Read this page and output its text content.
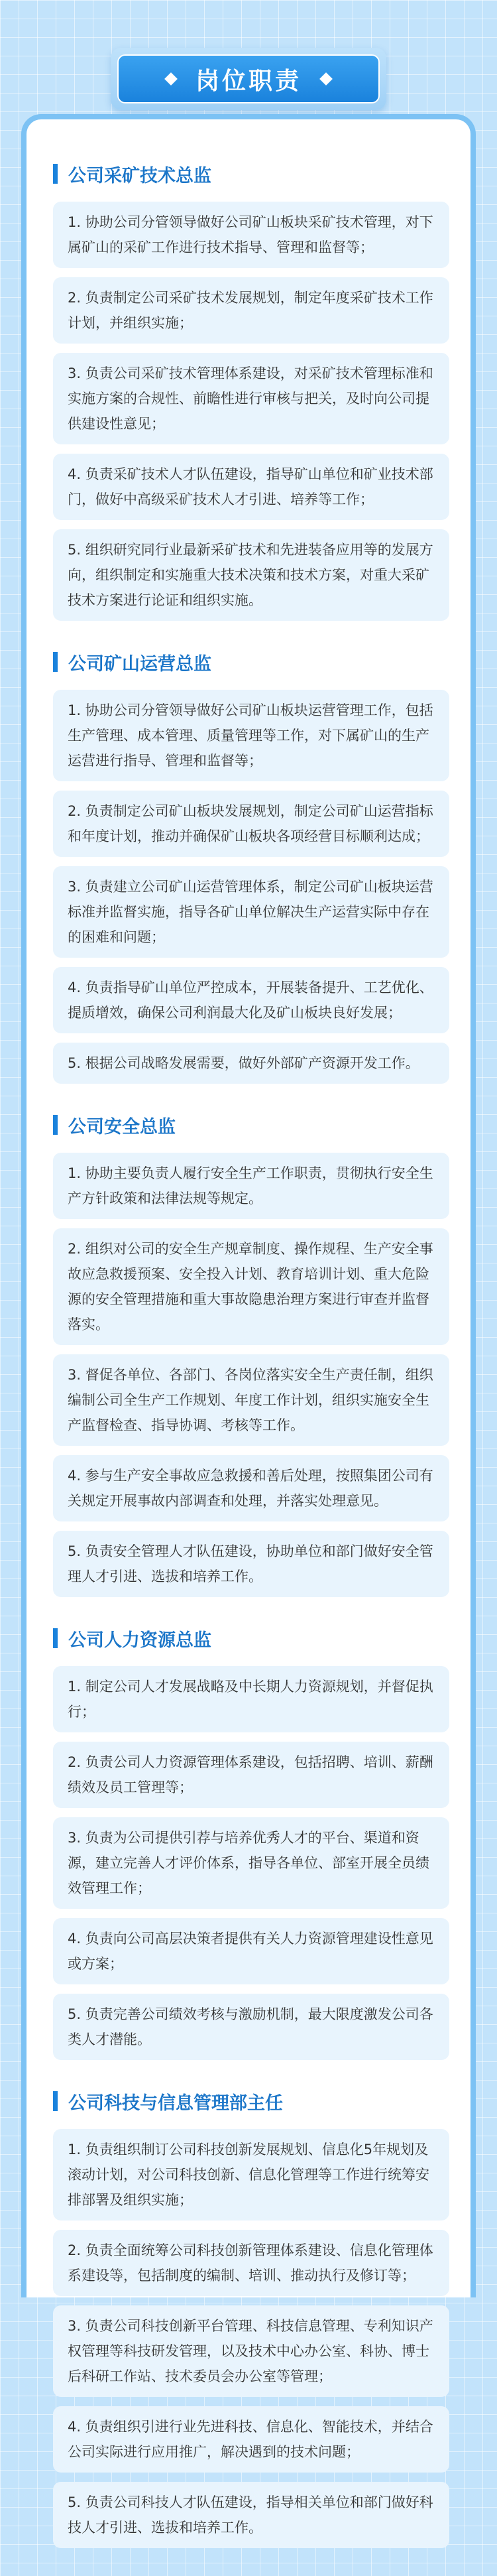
岗位职责
公司采矿技术总监
1. 协助公司分管领导做好公司矿山板块采矿技术管理，对下属矿山的采矿工作进行技术指导、管理和监督等；
2. 负责制定公司采矿技术发展规划，制定年度采矿技术工作计划，并组织实施；
3. 负责公司采矿技术管理体系建设，对采矿技术管理标准和实施方案的合规性、前瞻性进行审核与把关，及时向公司提供建设性意见；
4. 负责采矿技术人才队伍建设，指导矿山单位和矿业技术部门，做好中高级采矿技术人才引进、培养等工作；
5. 组织研究同行业最新采矿技术和先进装备应用等的发展方向，组织制定和实施重大技术决策和技术方案，对重大采矿技术方案进行论证和组织实施。
公司矿山运营总监
1. 协助公司分管领导做好公司矿山板块运营管理工作，包括生产管理、成本管理、质量管理等工作，对下属矿山的生产运营进行指导、管理和监督等；
2. 负责制定公司矿山板块发展规划，制定公司矿山运营指标和年度计划，推动并确保矿山板块各项经营目标顺利达成；
3. 负责建立公司矿山运营管理体系，制定公司矿山板块运营标准并监督实施，指导各矿山单位解决生产运营实际中存在的困难和问题；
4. 负责指导矿山单位严控成本，开展装备提升、工艺优化、提质增效，确保公司利润最大化及矿山板块良好发展；
5. 根据公司战略发展需要，做好外部矿产资源开发工作。
公司安全总监
1. 协助主要负责人履行安全生产工作职责，贯彻执行安全生产方针政策和法律法规等规定。
2. 组织对公司的安全生产规章制度、操作规程、生产安全事故应急救援预案、安全投入计划、教育培训计划、重大危险源的安全管理措施和重大事故隐患治理方案进行审查并监督落实。
3. 督促各单位、各部门、各岗位落实安全生产责任制，组织编制公司全生产工作规划、年度工作计划，组织实施安全生产监督检查、指导协调、考核等工作。
4. 参与生产安全事故应急救援和善后处理，按照集团公司有关规定开展事故内部调查和处理，并落实处理意见。
5. 负责安全管理人才队伍建设，协助单位和部门做好安全管理人才引进、选拔和培养工作。
公司人力资源总监
1. 制定公司人才发展战略及中长期人力资源规划，并督促执行；
2. 负责公司人力资源管理体系建设，包括招聘、培训、薪酬绩效及员工管理等；
3. 负责为公司提供引荐与培养优秀人才的平台、渠道和资源，建立完善人才评价体系，指导各单位、部室开展全员绩效管理工作；
4. 负责向公司高层决策者提供有关人力资源管理建设性意见或方案；
5. 负责完善公司绩效考核与激励机制，最大限度激发公司各类人才潜能。
公司科技与信息管理部主任
1. 负责组织制订公司科技创新发展规划、信息化5年规划及滚动计划，对公司科技创新、信息化管理等工作进行统筹安排部署及组织实施；
2. 负责全面统筹公司科技创新管理体系建设、信息化管理体系建设等，包括制度的编制、培训、推动执行及修订等；
3. 负责公司科技创新平台管理、科技信息管理、专利知识产权管理等科技研发管理，以及技术中心办公室、科协、博士后科研工作站、技术委员会办公室等管理；
4. 负责组织引进行业先进科技、信息化、智能技术，并结合公司实际进行应用推广，解决遇到的技术问题；
5. 负责公司科技人才队伍建设，指导相关单位和部门做好科技人才引进、选拔和培养工作。
